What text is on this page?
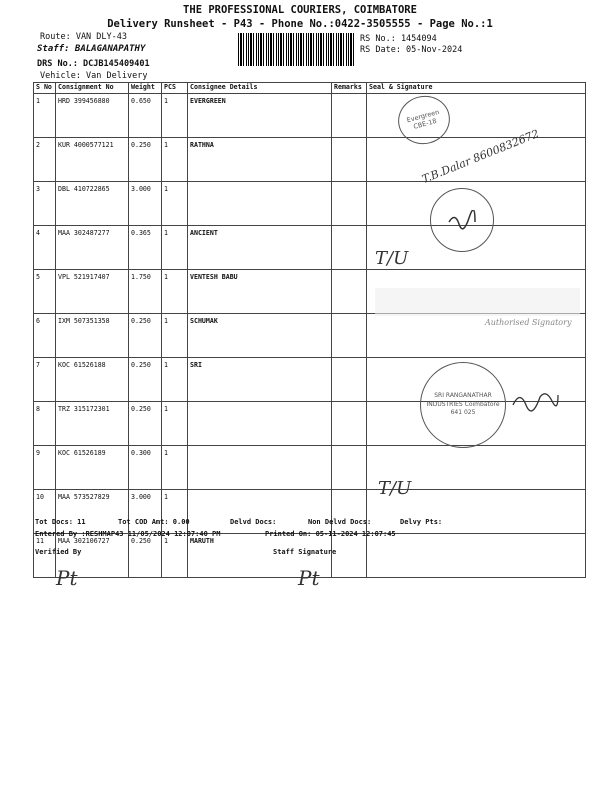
THE PROFESSIONAL COURIERS, COIMBATORE
Delivery Runsheet - P43 - Phone No.:0422-3505555 - Page No.:1
Route: VAN DLY-43
Staff: BALAGANAPATHY
DRS No.: DCJB145409401
Vehicle: Van Delivery
RS No.: 1454094
RS Date: 05-Nov-2024
S No	Consignment No	Weight	PCS	Consignee Details	Remarks	Seal & Signature
1	HRD 399456880	0.650	1	EVERGREEN		
2	KUR 4000577121	0.250	1	RATHNA		
3	DBL 410722865	3.000	1			
4	MAA 302487277	0.365	1	ANCIENT		
5	VPL 521917407	1.750	1	VENTESH BABU		
6	IXM 507351358	0.250	1	SCHUMAK		
7	KOC 61526188	0.250	1	SRI		
8	TRZ 315172301	0.250	1			
9	KOC 61526189	0.300	1			
10	MAA 573527829	3.000	1			
11	MAA 302106727	0.250	1	MARUTH		
Evergreen CBE-18
T.B.Dalar 8600832672
T/U
Authorised Signatory
SRI RANGANATHAR INDUSTRIES Coimbatore 641 025
T/U
Tot Docs: 11	Tot COD Amt: 0.00	Delvd Docs:	Non Delvd Docs:	Delvy Pts:
Entered By :RESHMAP43 11/05/2024 12:07:40 PM	Printed On: 05-11-2024 12:07:45
Verified By	Staff Signature
Pt	Pt
